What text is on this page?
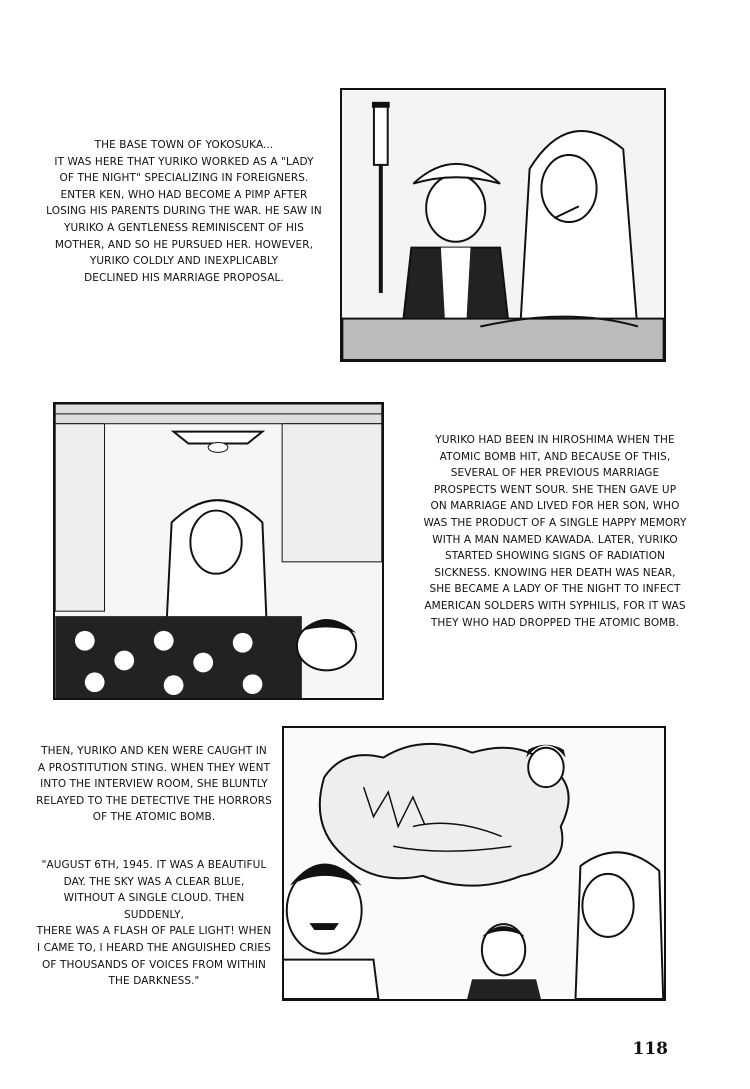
THE BASE TOWN OF YOKOSUKA...
IT WAS HERE THAT YURIKO WORKED AS A "LADY
OF THE NIGHT" SPECIALIZING IN FOREIGNERS.
ENTER KEN, WHO HAD BECOME A PIMP AFTER
LOSING HIS PARENTS DURING THE WAR. HE SAW IN
YURIKO A GENTLENESS REMINISCENT OF HIS
MOTHER, AND SO HE PURSUED HER. HOWEVER,
YURIKO COLDLY AND INEXPLICABLY
DECLINED HIS MARRIAGE PROPOSAL.
YURIKO HAD BEEN IN HIROSHIMA WHEN THE
ATOMIC BOMB HIT, AND BECAUSE OF THIS,
SEVERAL OF HER PREVIOUS MARRIAGE
PROSPECTS WENT SOUR. SHE THEN GAVE UP
ON MARRIAGE AND LIVED FOR HER SON, WHO
WAS THE PRODUCT OF A SINGLE HAPPY MEMORY
WITH A MAN NAMED KAWADA. LATER, YURIKO
STARTED SHOWING SIGNS OF RADIATION
SICKNESS. KNOWING HER DEATH WAS NEAR,
SHE BECAME A LADY OF THE NIGHT TO INFECT
AMERICAN SOLDERS WITH SYPHILIS, FOR IT WAS
THEY WHO HAD DROPPED THE ATOMIC BOMB.
THEN, YURIKO AND KEN WERE CAUGHT IN
A PROSTITUTION STING. WHEN THEY WENT
INTO THE INTERVIEW ROOM, SHE BLUNTLY
RELAYED TO THE DETECTIVE THE HORRORS
OF THE ATOMIC BOMB.
"AUGUST 6TH, 1945. IT WAS A BEAUTIFUL
DAY. THE SKY WAS A CLEAR BLUE,
WITHOUT A SINGLE CLOUD. THEN SUDDENLY,
THERE WAS A FLASH OF PALE LIGHT! WHEN
I CAME TO, I HEARD THE ANGUISHED CRIES
OF THOUSANDS OF VOICES FROM WITHIN
THE DARKNESS."
118
